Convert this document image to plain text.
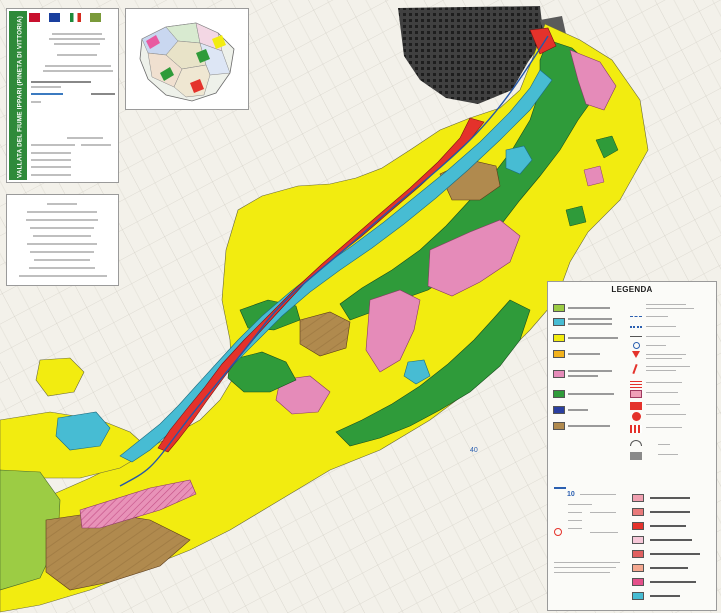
40
VALLATA DEL FIUME IPPARI (PINETA DI VITTORIA)

LEGENDA
10
